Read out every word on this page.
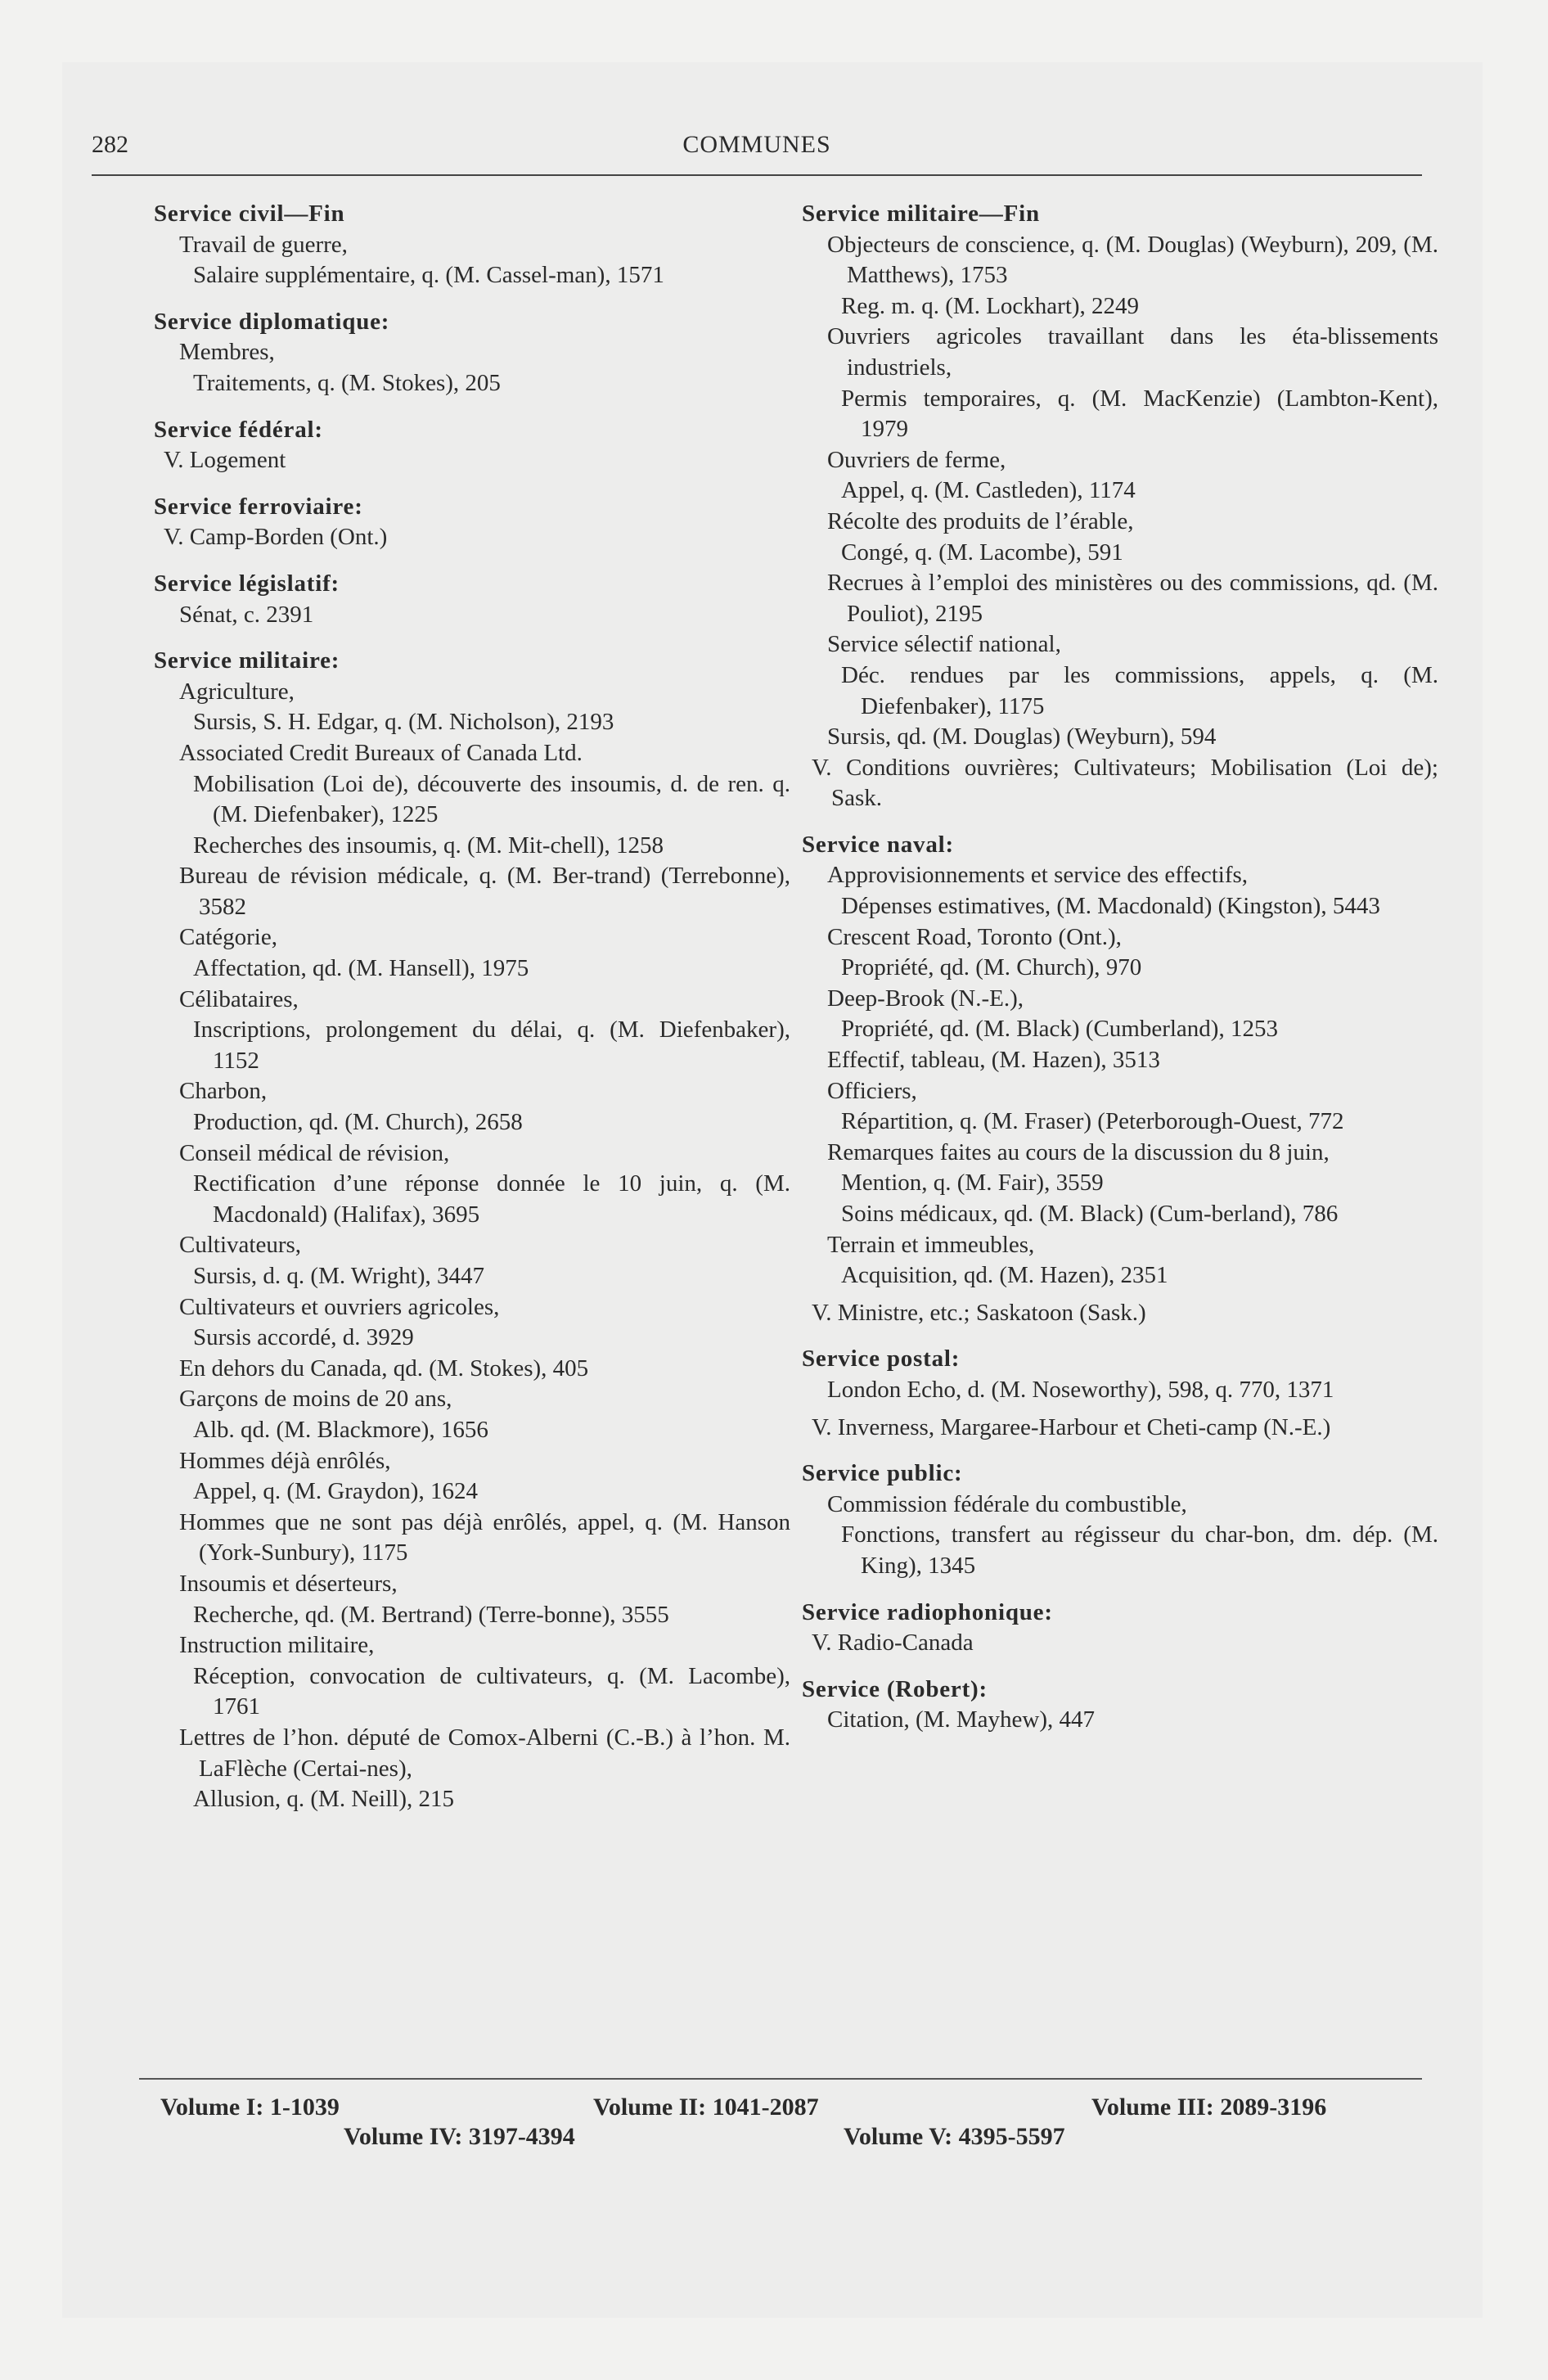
282	COMMUNES

Service civil—Fin

Travail de guerre,

Salaire supplémentaire, q. (M. Cassel-man), 1571

Service diplomatique:

Membres,

Traitements, q. (M. Stokes), 205

Service fédéral:

V. Logement

Service ferroviaire:

V. Camp-Borden (Ont.)

Service législatif:

Sénat, c. 2391

Service militaire:

Agriculture,

Sursis, S. H. Edgar, q. (M. Nicholson), 2193

Associated Credit Bureaux of Canada Ltd.

Mobilisation (Loi de), découverte des insoumis, d. de ren. q. (M. Diefenbaker), 1225

Recherches des insoumis, q. (M. Mit-chell), 1258

Bureau de révision médicale, q. (M. Ber-trand) (Terrebonne), 3582

Catégorie,

Affectation, qd. (M. Hansell), 1975

Célibataires,

Inscriptions, prolongement du délai, q. (M. Diefenbaker), 1152

Charbon,

Production, qd. (M. Church), 2658

Conseil médical de révision,

Rectification d’une réponse donnée le 10 juin, q. (M. Macdonald) (Halifax), 3695

Cultivateurs,

Sursis, d. q. (M. Wright), 3447

Cultivateurs et ouvriers agricoles,

Sursis accordé, d. 3929

En dehors du Canada, qd. (M. Stokes), 405

Garçons de moins de 20 ans,

Alb. qd. (M. Blackmore), 1656

Hommes déjà enrôlés,

Appel, q. (M. Graydon), 1624

Hommes que ne sont pas déjà enrôlés, appel, q. (M. Hanson (York-Sunbury), 1175

Insoumis et déserteurs,

Recherche, qd. (M. Bertrand) (Terre-bonne), 3555

Instruction militaire,

Réception, convocation de cultivateurs, q. (M. Lacombe), 1761

Lettres de l’hon. député de Comox-Alberni (C.-B.) à l’hon. M. LaFlèche (Certai-nes),

Allusion, q. (M. Neill), 215

Service militaire—Fin

Objecteurs de conscience, q. (M. Douglas) (Weyburn), 209, (M. Matthews), 1753

Reg. m. q. (M. Lockhart), 2249

Ouvriers agricoles travaillant dans les éta-blissements industriels,

Permis temporaires, q. (M. MacKenzie) (Lambton-Kent), 1979

Ouvriers de ferme,

Appel, q. (M. Castleden), 1174

Récolte des produits de l’érable,

Congé, q. (M. Lacombe), 591

Recrues à l’emploi des ministères ou des commissions, qd. (M. Pouliot), 2195

Service sélectif national,

Déc. rendues par les commissions, appels, q. (M. Diefenbaker), 1175

Sursis, qd. (M. Douglas) (Weyburn), 594

V. Conditions ouvrières; Cultivateurs; Mobilisation (Loi de); Sask.

Service naval:

Approvisionnements et service des effectifs,

Dépenses estimatives, (M. Macdonald) (Kingston), 5443

Crescent Road, Toronto (Ont.),

Propriété, qd. (M. Church), 970

Deep-Brook (N.-E.),

Propriété, qd. (M. Black) (Cumberland), 1253

Effectif, tableau, (M. Hazen), 3513

Officiers,

Répartition, q. (M. Fraser) (Peterborough-Ouest, 772

Remarques faites au cours de la discussion du 8 juin,

Mention, q. (M. Fair), 3559

Soins médicaux, qd. (M. Black) (Cum-berland), 786

Terrain et immeubles,

Acquisition, qd. (M. Hazen), 2351

V. Ministre, etc.; Saskatoon (Sask.)

Service postal:

London Echo, d. (M. Noseworthy), 598, q. 770, 1371

V. Inverness, Margaree-Harbour et Cheti-camp (N.-E.)

Service public:

Commission fédérale du combustible,

Fonctions, transfert au régisseur du char-bon, dm. dép. (M. King), 1345

Service radiophonique:

V. Radio-Canada

Service (Robert):

Citation, (M. Mayhew), 447

Volume I: 1-1039	Volume II: 1041-2087	Volume III: 2089-3196
Volume IV: 3197-4394	Volume V: 4395-5597
